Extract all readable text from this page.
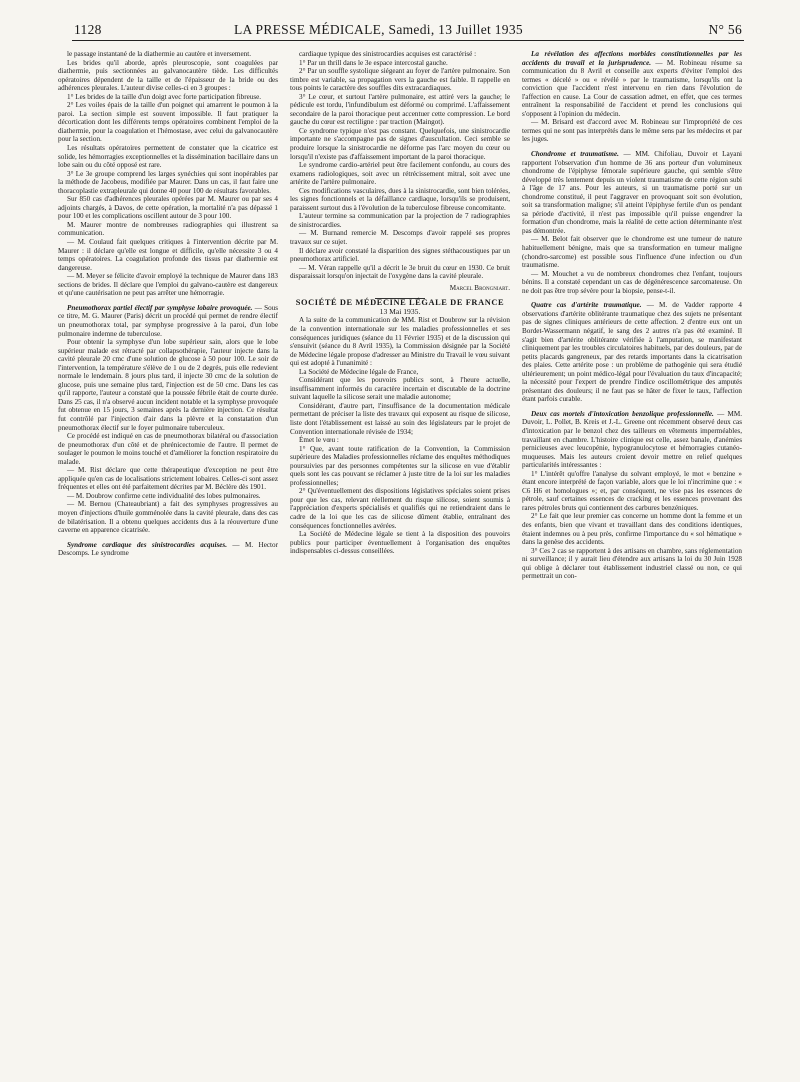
1128	LA PRESSE MÉDICALE, Samedi, 13 Juillet 1935	N° 56

le passage instantané de la diathermie au cautère et inversement.

Les brides qu'il aborde, après pleuroscopie, sont coagulées par diathermie, puis sectionnées au galvanocautère tiède. Les difficultés opératoires dépendent de la taille et de l'épaisseur de la bride ou des adhérences pleurales. L'auteur divise celles-ci en 3 groupes :

1° Les brides de la taille d'un doigt avec forte participation fibreuse.

2° Les voiles épais de la taille d'un poignet qui amarrent le poumon à la paroi. La section simple est souvent impossible. Il faut pratiquer la décortication dont les différents temps opératoires combinent l'emploi de la diathermie, pour la coagulation et l'hémostase, avec celui du galvanocautère pour la section.

Les résultats opératoires permettent de constater que la cicatrice est solide, les hémorragies exceptionnelles et la dissémination bacillaire dans un lobe sain ou du côté opposé est rare.

3° Le 3e groupe comprend les larges synéchies qui sont inopérables par la méthode de Jacobeus, modifiée par Maurer. Dans un cas, il faut faire une thoracoplastie extrapleurale qui donne 40 pour 100 de résultats favorables.

Sur 850 cas d'adhérences pleurales opérées par M. Maurer ou par ses 4 adjoints chargés, à Davos, de cette opération, la mortalité n'a pas dépassé 1 pour 100 et les complications oscillent autour de 3 pour 100.

M. Maurer montre de nombreuses radiographies qui illustrent sa communication.

— M. Coulaud fait quelques critiques à l'intervention décrite par M. Maurer : il déclare qu'elle est longue et difficile, qu'elle nécessite 3 ou 4 temps opératoires. La coagulation profonde des tissus par diathermie est dangereuse.

— M. Meyer se félicite d'avoir employé la technique de Maurer dans 183 sections de brides. Il déclare que l'emploi du galvano-cautère est dangereux et qu'une cautérisation ne peut pas arrêter une hémorragie.

Pneumothorax partiel électif par symphyse lobaire provoquée. — Sous ce titre, M. G. Maurer (Paris) décrit un procédé qui permet de rendre électif un pneumothorax total, par symphyse progressive à la paroi, d'un lobe pulmonaire indemne de tuberculose.

Pour obtenir la symphyse d'un lobe supérieur sain, alors que le lobe supérieur malade est rétracté par collapsothérapie, l'auteur injecte dans la cavité pleurale 20 cmc d'une solution de glucose à 50 pour 100. Le soir de l'intervention, la température s'élève de 1 ou de 2 degrés, puis elle redevient normale le lendemain. 8 jours plus tard, il injecte 30 cmc de la solution de glucose, puis une semaine plus tard, l'injection est de 50 cmc. Dans les cas qu'il rapporte, l'auteur a constaté que la poussée fébrile était de courte durée. Dans 25 cas, il n'a observé aucun incident notable et la symphyse provoquée fut obtenue en 15 jours, 3 semaines après la dernière injection. Ce résultat fut contrôlé par l'injection d'air dans la plèvre et la constatation d'un pneumothorax électif sur le foyer pulmonaire tuberculeux.

Ce procédé est indiqué en cas de pneumothorax bilatéral ou d'association de pneumothorax d'un côté et de phrénicectomie de l'autre. Il permet de soulager le poumon le moins touché et d'améliorer la fonction respiratoire du malade.

— M. Rist déclare que cette thérapeutique d'exception ne peut être appliquée qu'en cas de localisations strictement lobaires. Celles-ci sont assez fréquentes et elles ont été parfaitement décrites par M. Béclère dès 1901.

— M. Doubrow confirme cette individualité des lobes pulmonaires.

— M. Bernou (Chateaubriant) a fait des symphyses progressives au moyen d'injections d'huile gomménolée dans la cavité pleurale, dans des cas de bilatérisation. Il a obtenu quelques accidents dus à la réouverture d'une caverne en apparence cicatrisée.

Syndrome cardiaque des sinistrocardies acquises. — M. Hector Descomps. Le syndrome

cardiaque typique des sinistrocardies acquises est caractérisé :

1° Par un thrill dans le 3e espace intercostal gauche.

2° Par un souffle systolique siégeant au foyer de l'artère pulmonaire. Son timbre est variable, sa propagation vers la gauche est faible. Il rappelle en tous points le caractère des souffles dits extracardiaques.

3° Le cœur, et surtout l'artère pulmonaire, est attiré vers la gauche; le pédicule est tordu, l'infundibulum est déformé ou comprimé. L'affaissement secondaire de la paroi thoracique peut accentuer cette compression. Le bord gauche du cœur est rectiligne : par traction (Maingot).

Ce syndrome typique n'est pas constant. Quelquefois, une sinistrocardie importante ne s'accompagne pas de signes d'auscultation. Ceci semble se produire lorsque la sinistrocardie ne déforme pas l'arc moyen du cœur ou lorsqu'il n'existe pas d'affaissement important de la paroi thoracique.

Le syndrome cardio-artériel peut être facilement confondu, au cours des examens radiologiques, soit avec un rétrécissement mitral, soit avec une artérite de l'artère pulmonaire.

Ces modifications vasculaires, dues à la sinistrocardie, sont bien tolérées, les signes fonctionnels et la défaillance cardiaque, lorsqu'ils se produisent, paraissent surtout dus à l'évolution de la tuberculose fibreuse concomitante.

L'auteur termine sa communication par la projection de 7 radiographies de sinistrocardies.

— M. Burnand remercie M. Descomps d'avoir rappelé ses propres travaux sur ce sujet.

Il déclare avoir constaté la disparition des signes stéthacoustiques par un pneumothorax artificiel.

— M. Véran rappelle qu'il a décrit le 3e bruit du cœur en 1930. Ce bruit disparaissait lorsqu'on injectait de l'oxygène dans la cavité pleurale.

Marcel Brongniart.

SOCIÉTÉ DE MÉDECINE LÉGALE DE FRANCE

13 Mai 1935.

A la suite de la communication de MM. Rist et Doubrow sur la révision de la convention internationale sur les maladies professionnelles et ses conséquences juridiques (séance du 11 Février 1935) et de la discussion qui s'ensuivit (séance du 8 Avril 1935), la Commission désignée par la Société de Médecine légale propose d'adresser au Ministre du Travail le vœu suivant qui est adopté à l'unanimité :

La Société de Médecine légale de France,

Considérant que les pouvoirs publics sont, à l'heure actuelle, insuffisamment informés du caractère incertain et discutable de la doctrine suivant laquelle la silicose serait une maladie autonome;

Considérant, d'autre part, l'insuffisance de la documentation médicale permettant de préciser la liste des travaux qui exposent au risque de silicose, liste dont l'établissement est laissé au soin des législateurs par le projet de Convention internationale révisée de 1934;

Émet le vœu :

1° Que, avant toute ratification de la Convention, la Commission supérieure des Maladies professionnelles réclame des enquêtes méthodiques poursuivies par des personnes compétentes sur la silicose en vue d'établir quels sont les cas pouvant se réclamer à juste titre de la loi sur les maladies professionnelles;

2° Qu'éventuellement des dispositions législatives spéciales soient prises pour que les cas, relevant réellement du risque silicose, soient soumis à l'appréciation d'experts spécialisés et qualifiés qui ne retiendraient dans le cadre de la loi que les cas de silicose dûment établie, entraînant des conséquences fonctionnelles avérées.

La Société de Médecine légale se tient à la disposition des pouvoirs publics pour participer éventuellement à l'organisation des enquêtes indispensables ci-dessus conseillées.

La révélation des affections morbides constitutionnelles par les accidents du travail et la jurisprudence. — M. Robineau résume sa communication du 8 Avril et conseille aux experts d'éviter l'emploi des termes « décelé » ou « révélé » par le traumatisme, lorsqu'ils ont la conviction que l'accident n'est intervenu en rien dans l'évolution de l'affection en cause. La Cour de cassation admet, en effet, que ces termes entraînent la responsabilité de l'accident et prend les conclusions qui s'opposent à l'opinion du médecin.

— M. Brisard est d'accord avec M. Robineau sur l'impropriété de ces termes qui ne sont pas interprétés dans le même sens par les médecins et par les juges.

Chondrome et traumatisme. — MM. Chifoliau, Duvoir et Layani rapportent l'observation d'un homme de 36 ans porteur d'un volumineux chondrome de l'épiphyse fémorale supérieure gauche, qui semble s'être développé très lentement depuis un violent traumatisme de cette région subi à l'âge de 17 ans. Pour les auteurs, si un traumatisme porté sur un chondrome constitué, il peut l'aggraver en provoquant soit son évolution, soit sa transformation maligne; s'il atteint l'épiphyse fertile d'un os pendant sa période d'activité, il n'est pas impossible qu'il puisse engendrer la formation d'un chondrome, mais la réalité de cette action déterminante n'est pas démontrée.

— M. Belot fait observer que le chondrome est une tumeur de nature habituellement bénigne, mais que sa transformation en tumeur maligne (chondro-sarcome) est possible sous l'influence d'une infection ou d'un traumatisme.

— M. Mouchet a vu de nombreux chondromes chez l'enfant, toujours bénins. Il a constaté cependant un cas de dégénérescence sarcomateuse. On ne doit pas être trop sévère pour la biopsie, pense-t-il.

Quatre cas d'artérite traumatique. — M. de Vadder rapporte 4 observations d'artérite oblitérante traumatique chez des sujets ne présentant pas de signes cliniques antérieurs de cette affection. 2 d'entre eux ont un Bordet-Wassermann négatif, le sang des 2 autres n'a pas été examiné. Il s'agit bien d'artérite oblitérante vérifiée à l'amputation, se manifestant cliniquement par les troubles circulatoires habituels, par des douleurs, par de petits placards gangreneux, par des retards importants dans la cicatrisation des plaies. Cette artérite pose : un problème de pathogénie qui sera étudié ultérieurement; un point médico-légal pour l'évaluation du taux d'incapacité; la nécessité pour l'expert de prendre l'indice oscillométrique des amputés présentant des douleurs; il ne faut pas se hâter de fixer le taux, l'affection étant parfois curable.

Deux cas mortels d'intoxication benzolique professionnelle. — MM. Duvoir, L. Pollet, B. Kreis et J.-L. Greene ont récemment observé deux cas d'intoxication par le benzol chez des tailleurs en vêtements imperméables, travaillant en chambre. L'histoire clinique est celle, assez banale, d'anémies pernicieuses avec leucopénie, hypogranulocytose et hémorragies cutanéo-muqueuses. Mais les auteurs croient devoir mettre en relief quelques particularités intéressantes :

1° L'intérêt qu'offre l'analyse du solvant employé, le mot « benzine » étant encore interprété de façon variable, alors que le loi n'incrimine que : « C6 H6 et homologues »; et, par conséquent, ne vise pas les essences de pétrole, sauf certaines essences de cracking et les essences provenant des rares pétroles bruts qui contiennent des carbures benzéniques.

2° Le fait que leur premier cas concerne un homme dont la femme et un des enfants, bien que vivant et travaillant dans des conditions identiques, étaient indemnes ou à peu près, confirme l'importance du « sol hématique » dans la genèse des accidents.

3° Ces 2 cas se rapportent à des artisans en chambre, sans réglementation ni surveillance; il y aurait lieu d'étendre aux artisans la loi du 30 Juin 1928 qui oblige à déclarer tout établissement industriel classé ou non, ce qui permettrait un con-
